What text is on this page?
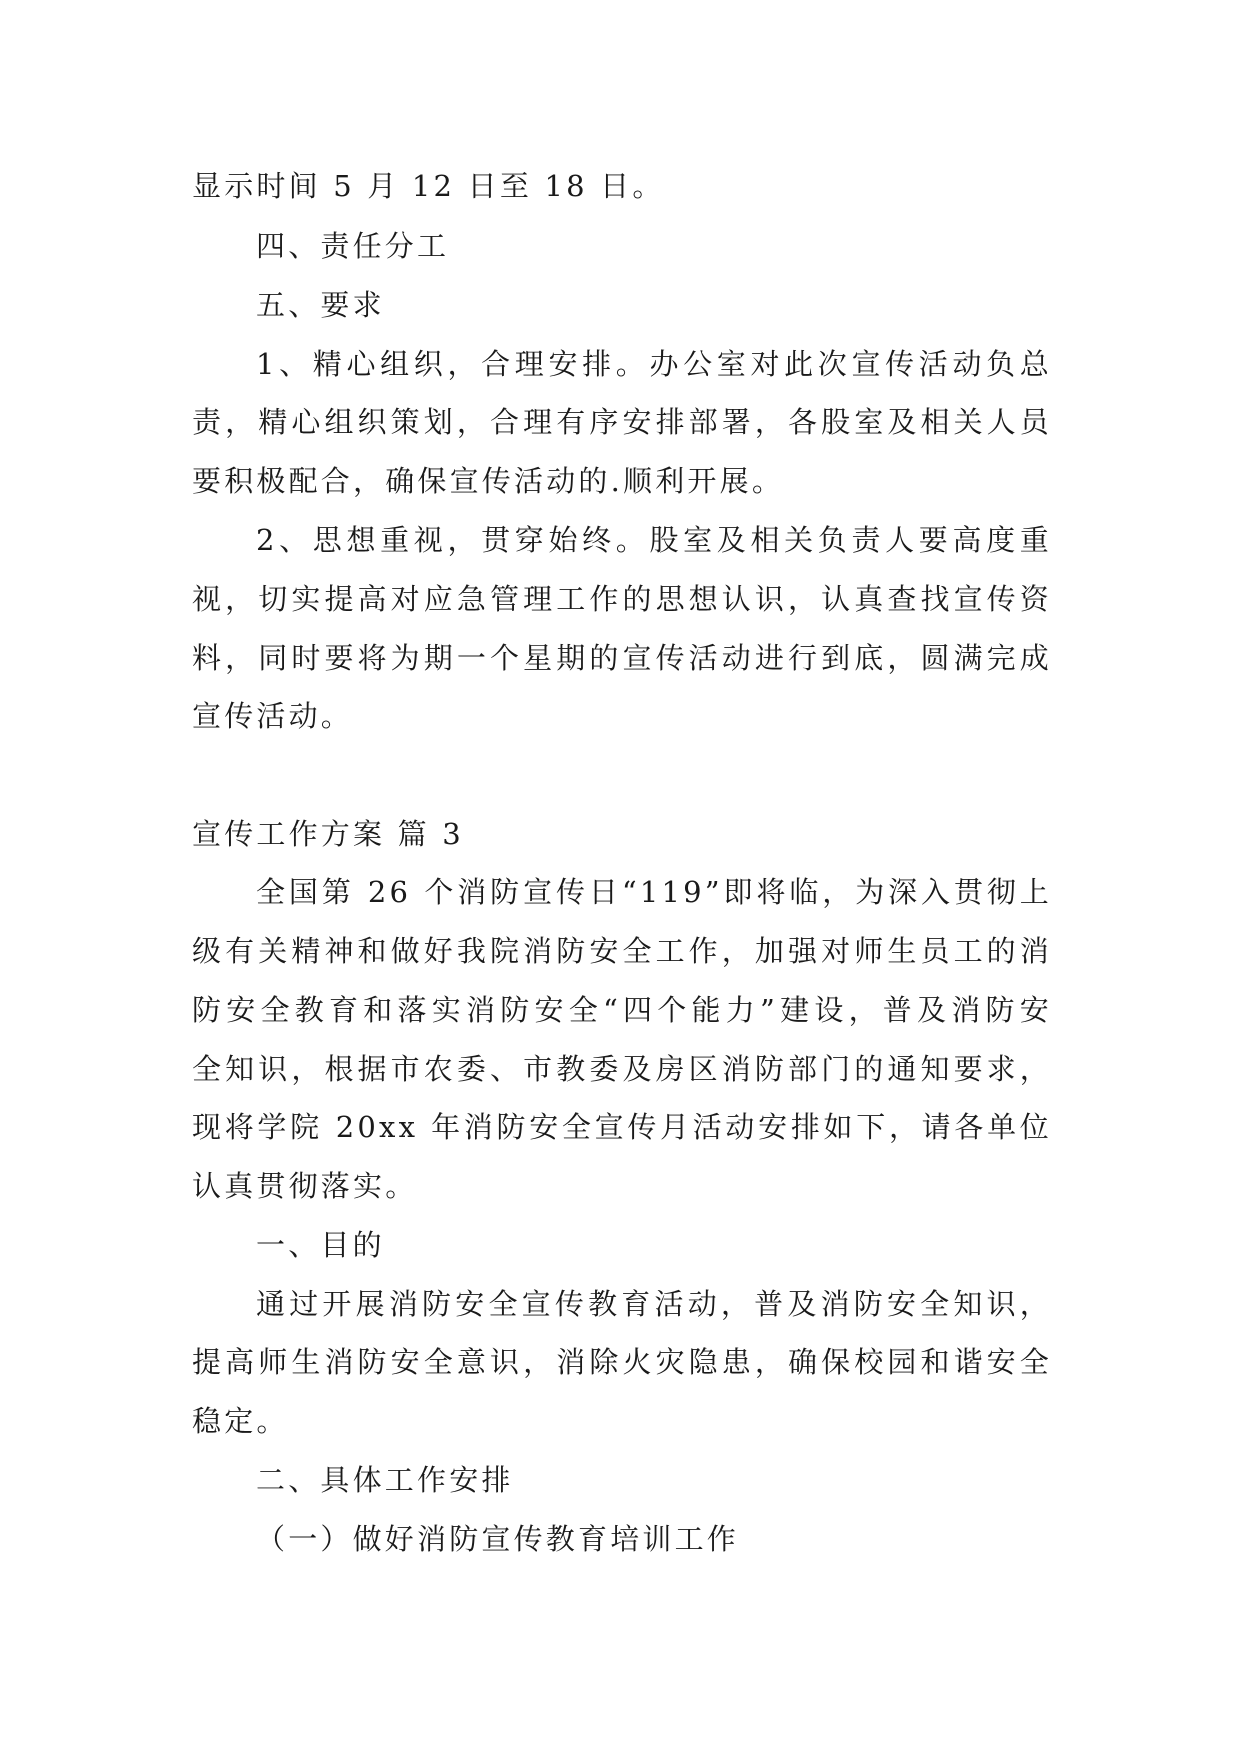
显示时间 5 月 12 日至 18 日。
四、责任分工
五、要求
1、精心组织，合理安排。办公室对此次宣传活动负总
责，精心组织策划，合理有序安排部署，各股室及相关人员
要积极配合，确保宣传活动的.顺利开展。
2、思想重视，贯穿始终。股室及相关负责人要高度重
视，切实提高对应急管理工作的思想认识，认真查找宣传资
料，同时要将为期一个星期的宣传活动进行到底，圆满完成
宣传活动。
宣传工作方案 篇 3
全国第 26 个消防宣传日“119”即将临，为深入贯彻上
级有关精神和做好我院消防安全工作，加强对师生员工的消
防安全教育和落实消防安全“四个能力”建设，普及消防安
全知识，根据市农委、市教委及房区消防部门的通知要求，
现将学院 20xx 年消防安全宣传月活动安排如下，请各单位
认真贯彻落实。
一、目的
通过开展消防安全宣传教育活动，普及消防安全知识，
提高师生消防安全意识，消除火灾隐患，确保校园和谐安全
稳定。
二、具体工作安排
（一）做好消防宣传教育培训工作
